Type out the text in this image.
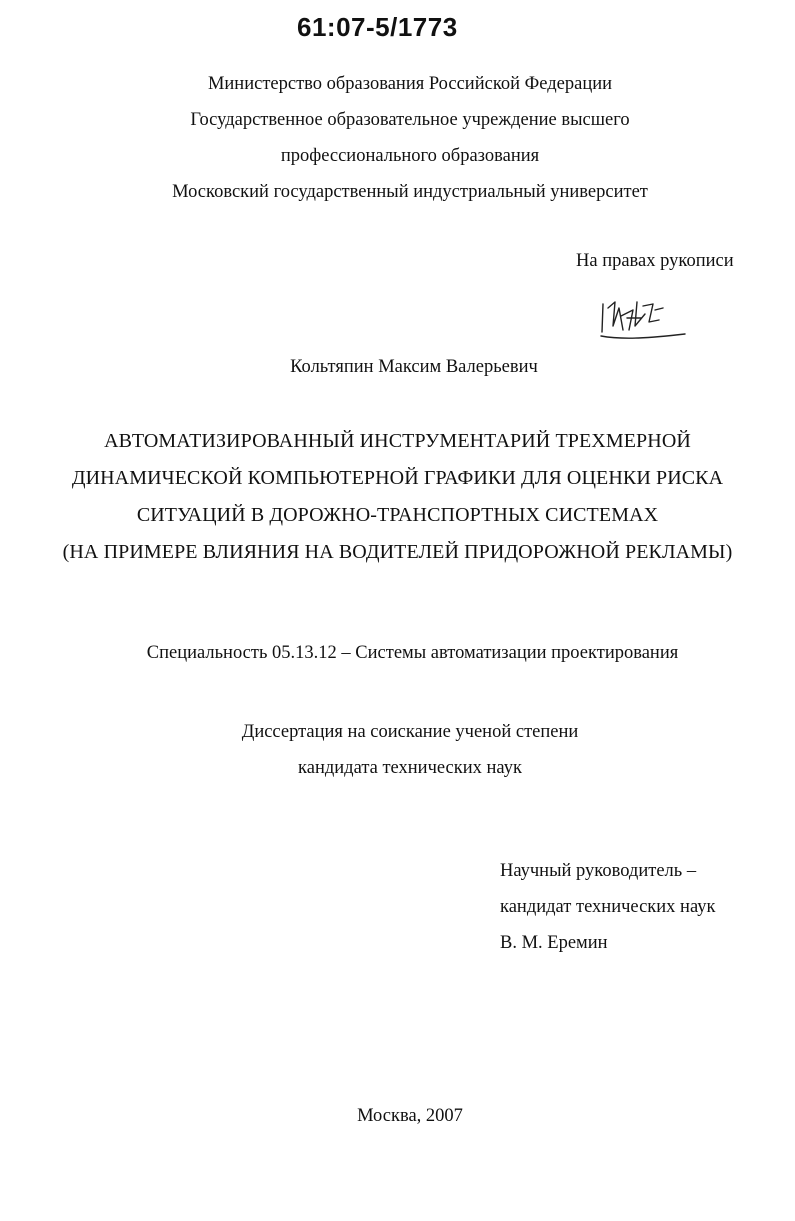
61:07-5/1773
Министерство образования Российской Федерации
Государственное образовательное учреждение высшего
профессионального образования
Московский государственный индустриальный университет
На правах рукописи
Кольтяпин Максим Валерьевич
АВТОМАТИЗИРОВАННЫЙ ИНСТРУМЕНТАРИЙ ТРЕХМЕРНОЙ
ДИНАМИЧЕСКОЙ КОМПЬЮТЕРНОЙ ГРАФИКИ ДЛЯ ОЦЕНКИ РИСКА
СИТУАЦИЙ В ДОРОЖНО-ТРАНСПОРТНЫХ СИСТЕМАХ
(НА ПРИМЕРЕ ВЛИЯНИЯ НА ВОДИТЕЛЕЙ ПРИДОРОЖНОЙ РЕКЛАМЫ)
Специальность 05.13.12 – Системы автоматизации проектирования
Диссертация на соискание ученой степени
кандидата технических наук
Научный руководитель –
кандидат технических наук
В. М. Еремин
Москва, 2007
